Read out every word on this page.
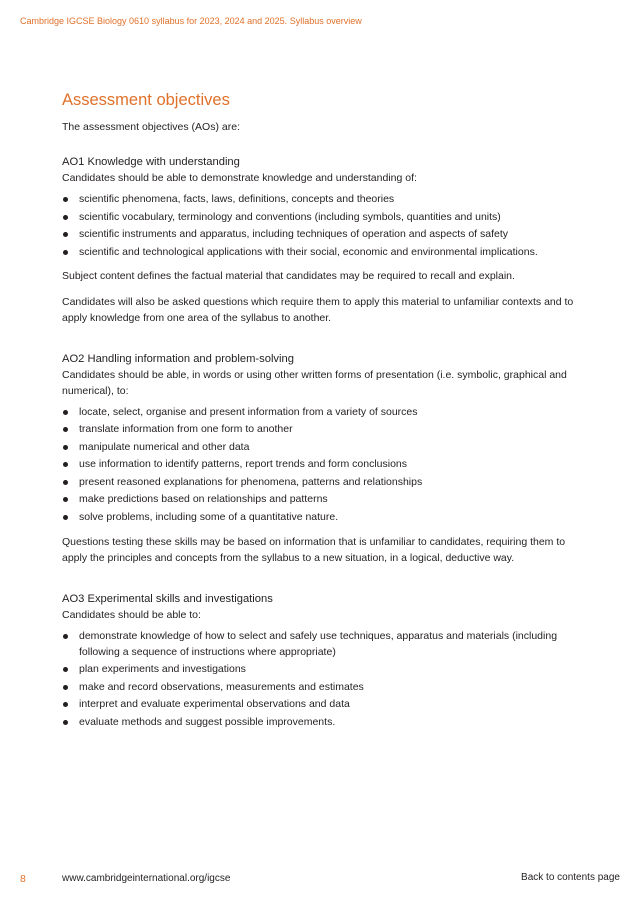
Cambridge IGCSE Biology 0610 syllabus for 2023, 2024 and 2025. Syllabus overview
Assessment objectives

The assessment objectives (AOs) are:

AO1 Knowledge with understanding

Candidates should be able to demonstrate knowledge and understanding of:

scientific phenomena, facts, laws, definitions, concepts and theories
scientific vocabulary, terminology and conventions (including symbols, quantities and units)
scientific instruments and apparatus, including techniques of operation and aspects of safety
scientific and technological applications with their social, economic and environmental implications.

Subject content defines the factual material that candidates may be required to recall and explain.

Candidates will also be asked questions which require them to apply this material to unfamiliar contexts and to apply knowledge from one area of the syllabus to another.

AO2 Handling information and problem-solving

Candidates should be able, in words or using other written forms of presentation (i.e. symbolic, graphical and numerical), to:

locate, select, organise and present information from a variety of sources
translate information from one form to another
manipulate numerical and other data
use information to identify patterns, report trends and form conclusions
present reasoned explanations for phenomena, patterns and relationships
make predictions based on relationships and patterns
solve problems, including some of a quantitative nature.

Questions testing these skills may be based on information that is unfamiliar to candidates, requiring them to apply the principles and concepts from the syllabus to a new situation, in a logical, deductive way.

AO3 Experimental skills and investigations

Candidates should be able to:

demonstrate knowledge of how to select and safely use techniques, apparatus and materials (including following a sequence of instructions where appropriate)
plan experiments and investigations
make and record observations, measurements and estimates
interpret and evaluate experimental observations and data
evaluate methods and suggest possible improvements.
8	www.cambridgeinternational.org/igcse	Back to contents page
